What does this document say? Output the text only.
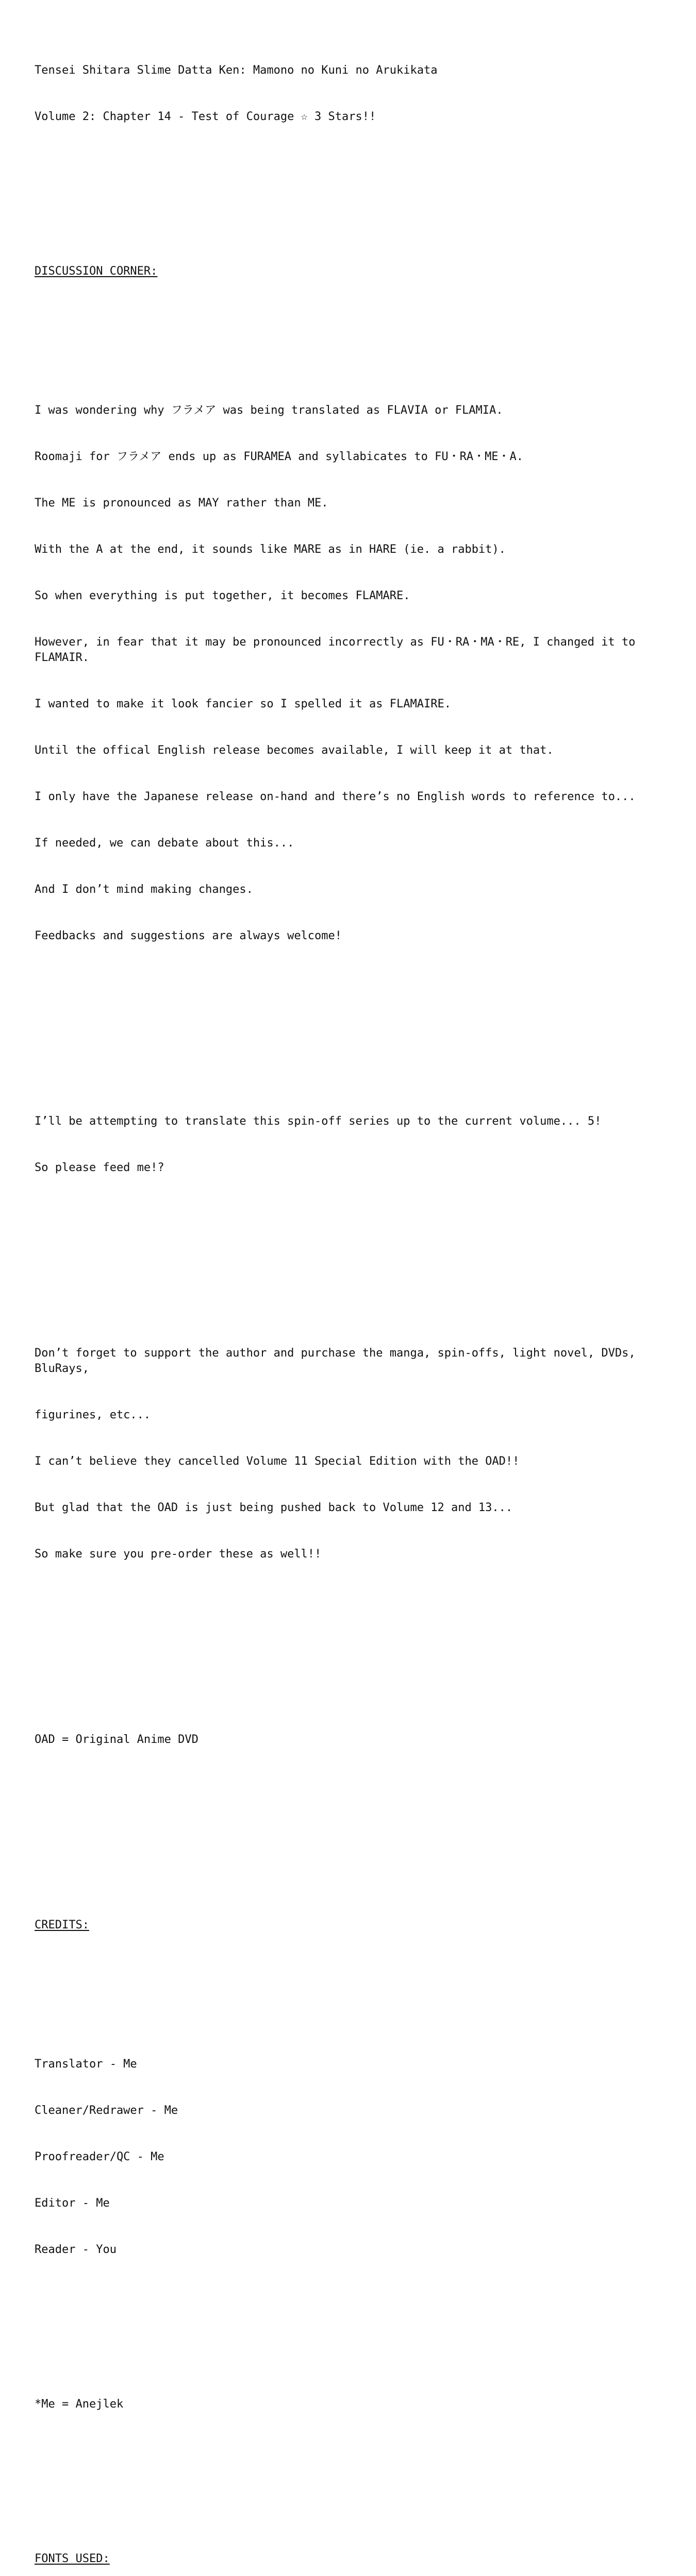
Tensei Shitara Slime Datta Ken: Mamono no Kuni no Arukikata

Volume 2: Chapter 14 - Test of Courage ☆ 3 Stars!!

DISCUSSION CORNER:

I was wondering why フラメア was being translated as FLAVIA or FLAMIA.

Roomaji for フラメア ends up as FURAMEA and syllabicates to FU・RA・ME・A.

The ME is pronounced as MAY rather than ME.

With the A at the end, it sounds like MARE as in HARE (ie. a rabbit).

So when everything is put together, it becomes FLAMARE.

However, in fear that it may be pronounced incorrectly as FU・RA・MA・RE, I changed it to FLAMAIR.

I wanted to make it look fancier so I spelled it as FLAMAIRE.

Until the offical English release becomes available, I will keep it at that.

I only have the Japanese release on-hand and there’s no English words to reference to...

If needed, we can debate about this...

And I don’t mind making changes.

Feedbacks and suggestions are always welcome!

I’ll be attempting to translate this spin-off series up to the current volume... 5!

So please feed me!?

Don’t forget to support the author and purchase the manga, spin-offs, light novel, DVDs, BluRays,

figurines, etc...

I can’t believe they cancelled Volume 11 Special Edition with the OAD!!

But glad that the OAD is just being pushed back to Volume 12 and 13...

So make sure you pre-order these as well!!

OAD = Original Anime DVD

CREDITS:

Translator - Me

Cleaner/Redrawer - Me

Proofreader/QC - Me

Editor - Me

Reader - You

*Me = Anejlek

FONTS USED:
